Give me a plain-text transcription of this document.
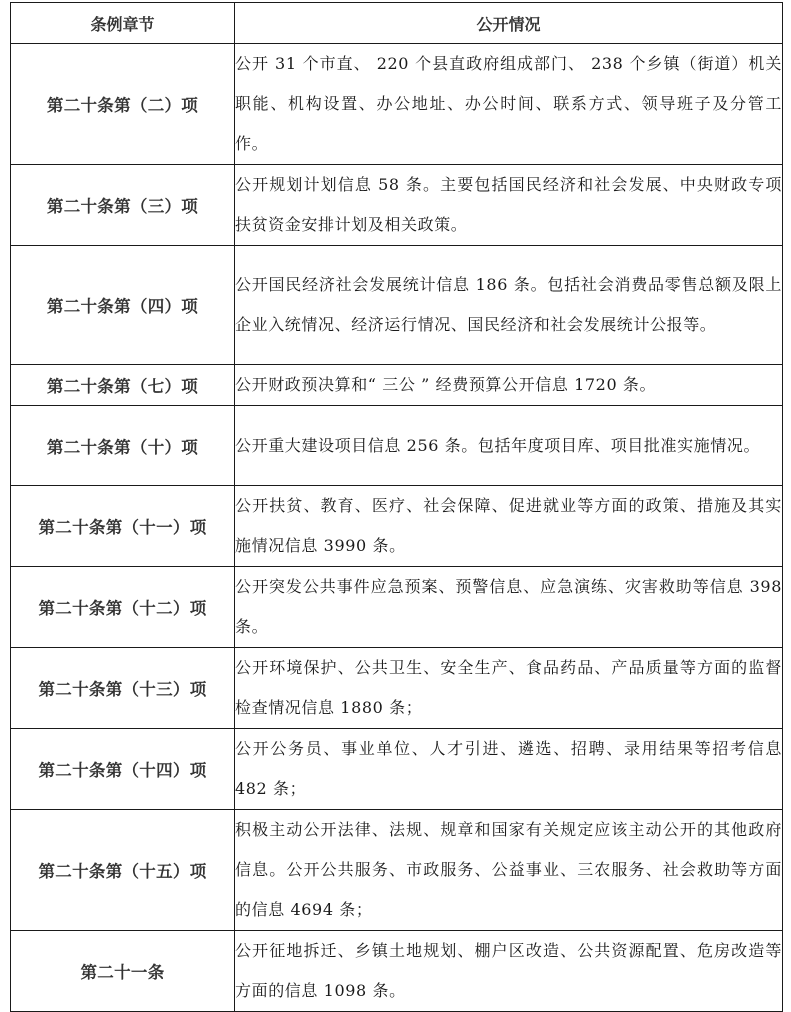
条例章节	公开情况
第二十条第（二）项	公开 31 个市直、 220 个县直政府组成部门、 238 个乡镇（街道）机关职能、机构设置、办公地址、办公时间、联系方式、领导班子及分管工作。
第二十条第（三）项	公开规划计划信息 58 条。主要包括国民经济和社会发展、中央财政专项扶贫资金安排计划及相关政策。
第二十条第（四）项	公开国民经济社会发展统计信息 186 条。包括社会消费品零售总额及限上企业入统情况、经济运行情况、国民经济和社会发展统计公报等。
第二十条第（七）项	公开财政预决算和“ 三公 ” 经费预算公开信息 1720 条。
第二十条第（十）项	公开重大建设项目信息 256 条。包括年度项目库、项目批准实施情况。
第二十条第（十一）项	公开扶贫、教育、医疗、社会保障、促进就业等方面的政策、措施及其实施情况信息 3990 条。
第二十条第（十二）项	公开突发公共事件应急预案、预警信息、应急演练、灾害救助等信息 398 条。
第二十条第（十三）项	公开环境保护、公共卫生、安全生产、食品药品、产品质量等方面的监督检查情况信息 1880 条；
第二十条第（十四）项	公开公务员、事业单位、人才引进、遴选、招聘、录用结果等招考信息 482 条；
第二十条第（十五）项	积极主动公开法律、法规、规章和国家有关规定应该主动公开的其他政府信息。公开公共服务、市政服务、公益事业、三农服务、社会救助等方面的信息 4694 条；
第二十一条	公开征地拆迁、乡镇土地规划、棚户区改造、公共资源配置、危房改造等方面的信息 1098 条。
